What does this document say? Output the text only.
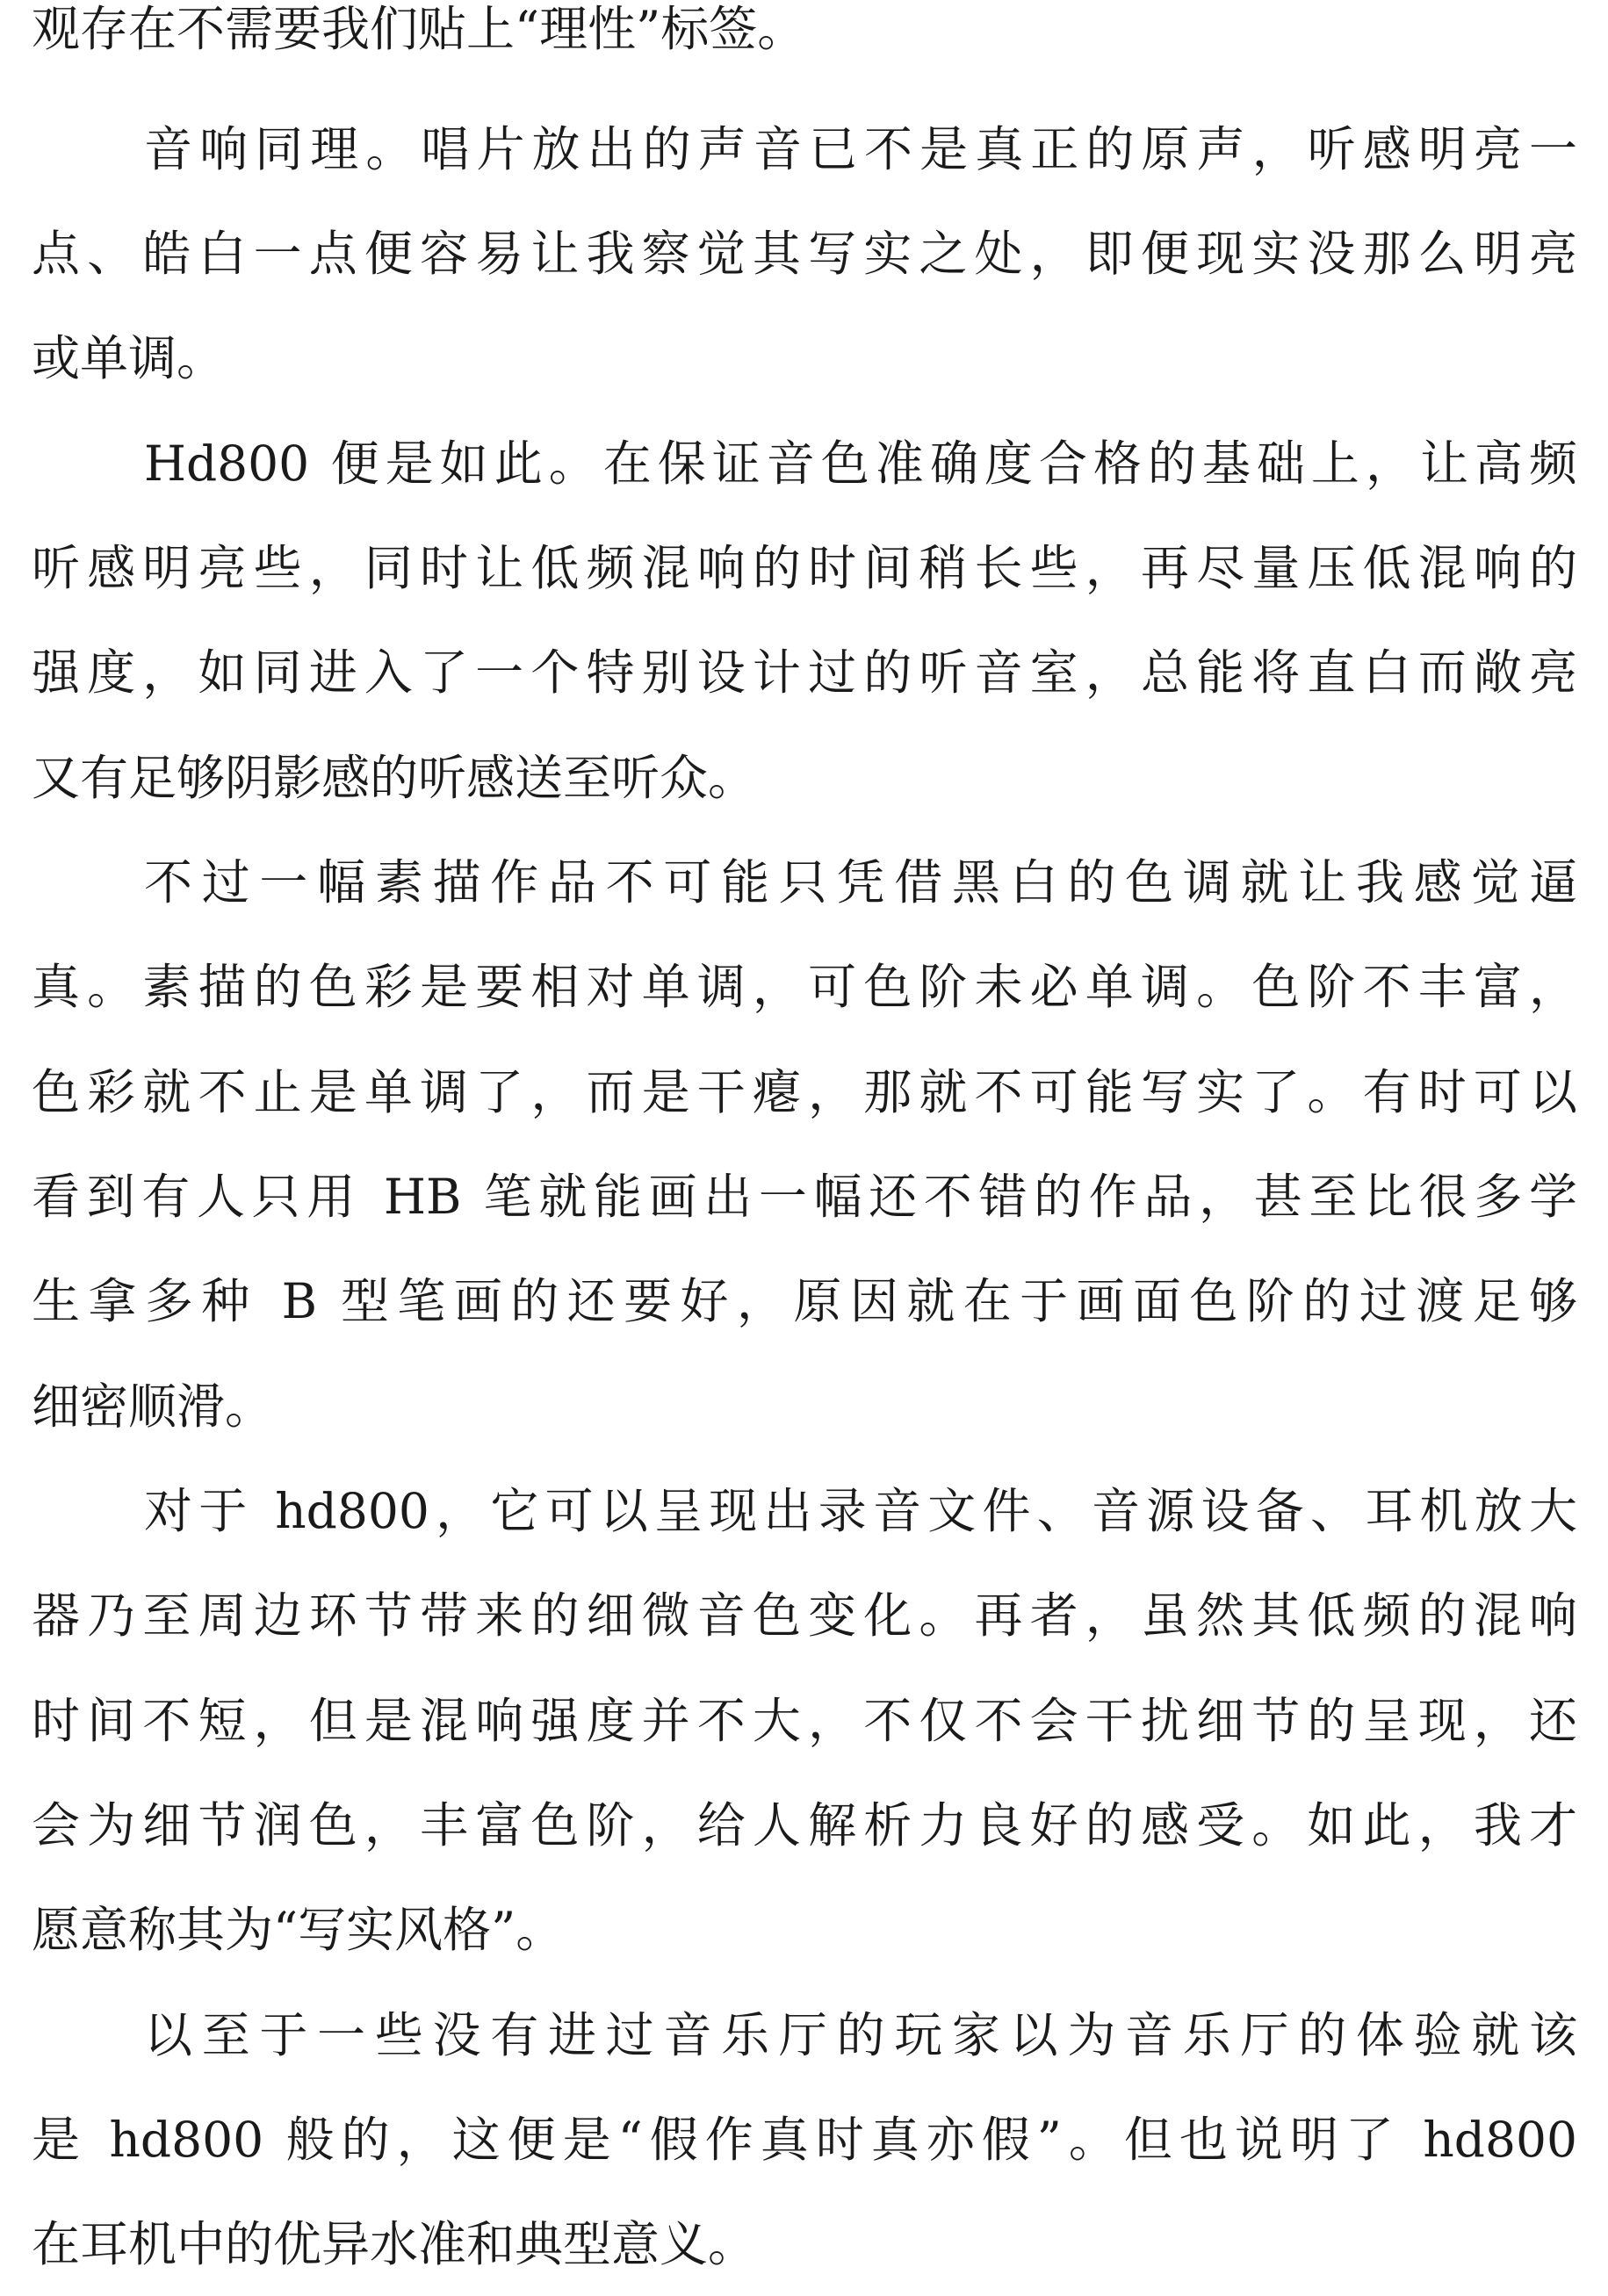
观存在不需要我们贴上“理性”标签。

音响同理。唱片放出的声音已不是真正的原声，听感明亮一

点、皓白一点便容易让我察觉其写实之处，即便现实没那么明亮

或单调。

Hd800 便是如此。在保证音色准确度合格的基础上，让高频

听感明亮些，同时让低频混响的时间稍长些，再尽量压低混响的

强度，如同进入了一个特别设计过的听音室，总能将直白而敞亮

又有足够阴影感的听感送至听众。

不过一幅素描作品不可能只凭借黑白的色调就让我感觉逼

真。素描的色彩是要相对单调，可色阶未必单调。色阶不丰富，

色彩就不止是单调了，而是干瘪，那就不可能写实了。有时可以

看到有人只用 HB 笔就能画出一幅还不错的作品，甚至比很多学

生拿多种 B 型笔画的还要好，原因就在于画面色阶的过渡足够

细密顺滑。

对于 hd800，它可以呈现出录音文件、音源设备、耳机放大

器乃至周边环节带来的细微音色变化。再者，虽然其低频的混响

时间不短，但是混响强度并不大，不仅不会干扰细节的呈现，还

会为细节润色，丰富色阶，给人解析力良好的感受。如此，我才

愿意称其为“写实风格”。

以至于一些没有进过音乐厅的玩家以为音乐厅的体验就该

是 hd800 般的，这便是“假作真时真亦假”。但也说明了 hd800

在耳机中的优异水准和典型意义。
